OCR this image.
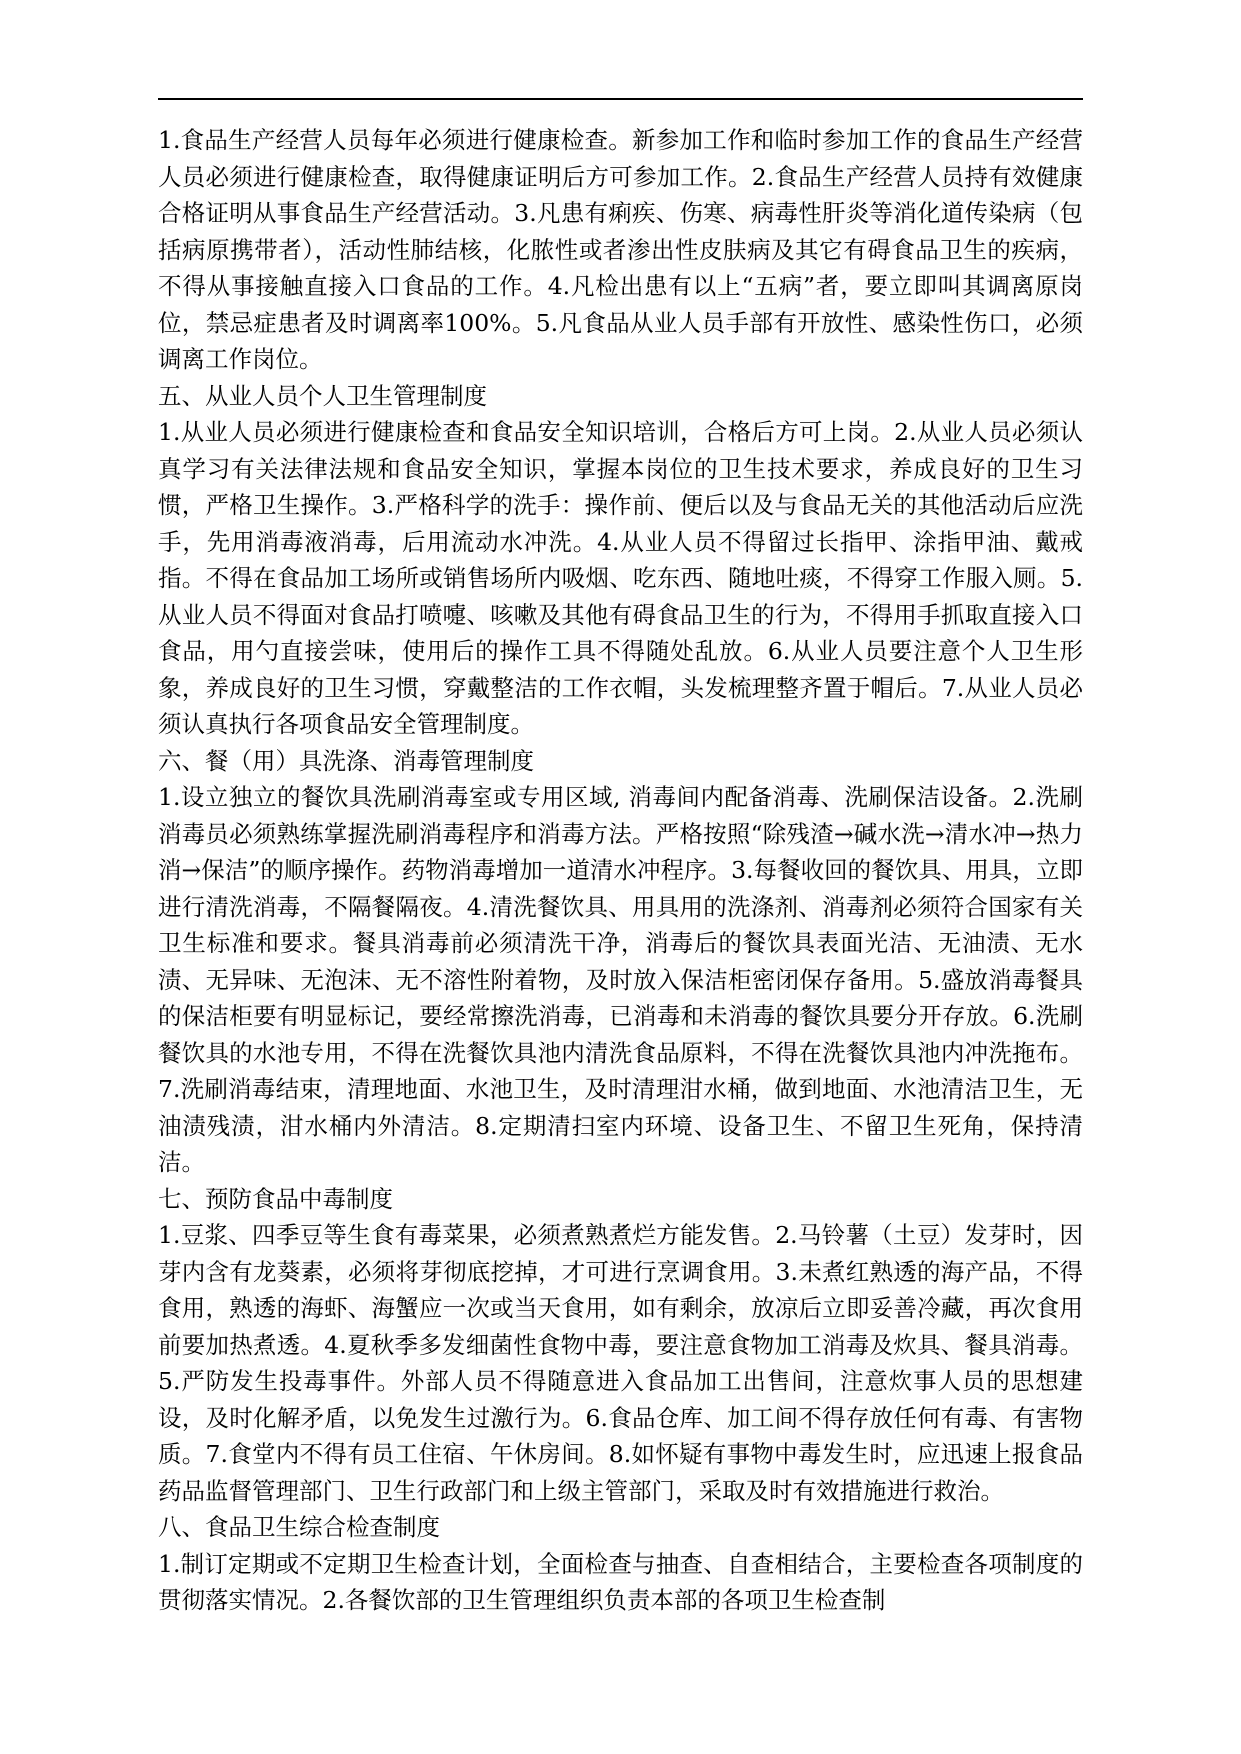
1.食品生产经营人员每年必须进行健康检查。新参加工作和临时参加工作的食品生产经营人员必须进行健康检查，取得健康证明后方可参加工作。2.食品生产经营人员持有效健康合格证明从事食品生产经营活动。3.凡患有痢疾、伤寒、病毒性肝炎等消化道传染病（包括病原携带者），活动性肺结核，化脓性或者渗出性皮肤病及其它有碍食品卫生的疾病，不得从事接触直接入口食品的工作。4.凡检出患有以上“五病”者，要立即叫其调离原岗位，禁忌症患者及时调离率100%。5.凡食品从业人员手部有开放性、感染性伤口，必须调离工作岗位。

五、从业人员个人卫生管理制度

1.从业人员必须进行健康检查和食品安全知识培训，合格后方可上岗。2.从业人员必须认真学习有关法律法规和食品安全知识，掌握本岗位的卫生技术要求，养成良好的卫生习惯，严格卫生操作。3.严格科学的洗手：操作前、便后以及与食品无关的其他活动后应洗手，先用消毒液消毒，后用流动水冲洗。4.从业人员不得留过长指甲、涂指甲油、戴戒指。不得在食品加工场所或销售场所内吸烟、吃东西、随地吐痰，不得穿工作服入厕。5.从业人员不得面对食品打喷嚏、咳嗽及其他有碍食品卫生的行为，不得用手抓取直接入口食品，用勺直接尝味，使用后的操作工具不得随处乱放。6.从业人员要注意个人卫生形象，养成良好的卫生习惯，穿戴整洁的工作衣帽，头发梳理整齐置于帽后。7.从业人员必须认真执行各项食品安全管理制度。

六、餐（用）具洗涤、消毒管理制度

1.设立独立的餐饮具洗刷消毒室或专用区域, 消毒间内配备消毒、洗刷保洁设备。2.洗刷消毒员必须熟练掌握洗刷消毒程序和消毒方法。严格按照“除残渣→碱水洗→清水冲→热力消→保洁”的顺序操作。药物消毒增加一道清水冲程序。3.每餐收回的餐饮具、用具，立即进行清洗消毒，不隔餐隔夜。4.清洗餐饮具、用具用的洗涤剂、消毒剂必须符合国家有关卫生标准和要求。餐具消毒前必须清洗干净，消毒后的餐饮具表面光洁、无油渍、无水渍、无异味、无泡沫、无不溶性附着物，及时放入保洁柜密闭保存备用。5.盛放消毒餐具的保洁柜要有明显标记，要经常擦洗消毒，已消毒和未消毒的餐饮具要分开存放。6.洗刷餐饮具的水池专用，不得在洗餐饮具池内清洗食品原料，不得在洗餐饮具池内冲洗拖布。7.洗刷消毒结束，清理地面、水池卫生，及时清理泔水桶，做到地面、水池清洁卫生，无油渍残渍，泔水桶内外清洁。8.定期清扫室内环境、设备卫生、不留卫生死角，保持清洁。

七、预防食品中毒制度

1.豆浆、四季豆等生食有毒菜果，必须煮熟煮烂方能发售。2.马铃薯（土豆）发芽时，因芽内含有龙葵素，必须将芽彻底挖掉，才可进行烹调食用。3.未煮红熟透的海产品，不得食用，熟透的海虾、海蟹应一次或当天食用，如有剩余，放凉后立即妥善冷藏，再次食用前要加热煮透。4.夏秋季多发细菌性食物中毒，要注意食物加工消毒及炊具、餐具消毒。5.严防发生投毒事件。外部人员不得随意进入食品加工出售间，注意炊事人员的思想建设，及时化解矛盾，以免发生过激行为。6.食品仓库、加工间不得存放任何有毒、有害物质。7.食堂内不得有员工住宿、午休房间。8.如怀疑有事物中毒发生时，应迅速上报食品药品监督管理部门、卫生行政部门和上级主管部门，采取及时有效措施进行救治。

八、食品卫生综合检查制度

1.制订定期或不定期卫生检查计划，全面检查与抽查、自查相结合，主要检查各项制度的贯彻落实情况。2.各餐饮部的卫生管理组织负责本部的各项卫生检查制
